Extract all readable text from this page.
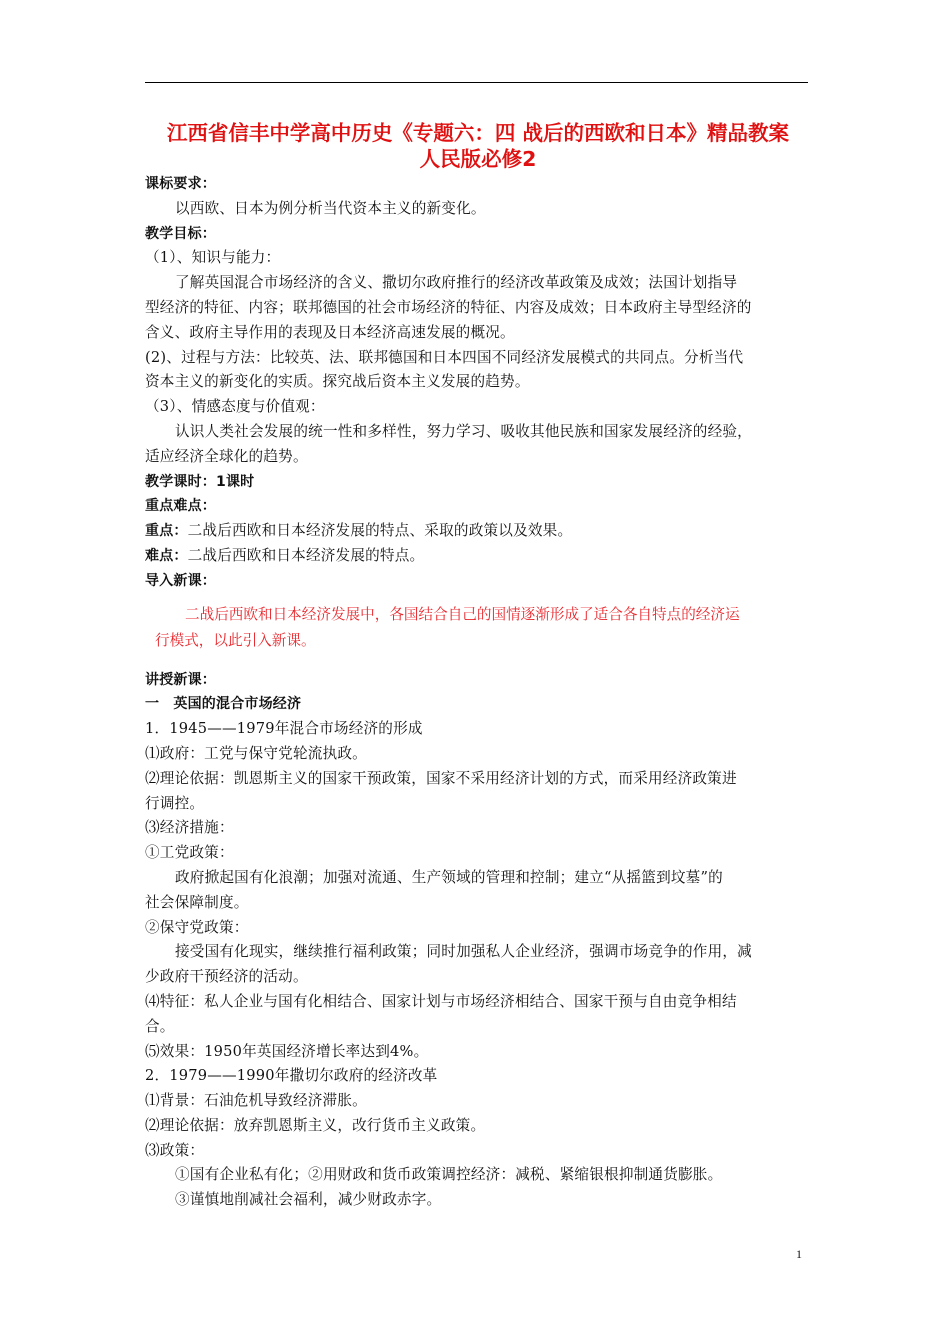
江西省信丰中学高中历史《专题六：四 战后的西欧和日本》精品教案
人民版必修2
课标要求：
以西欧、日本为例分析当代资本主义的新变化。
教学目标：
（1）、知识与能力：
了解英国混合市场经济的含义、撒切尔政府推行的经济改革政策及成效；法国计划指导
型经济的特征、内容；联邦德国的社会市场经济的特征、内容及成效；日本政府主导型经济的
含义、政府主导作用的表现及日本经济高速发展的概况。
(2)、过程与方法：比较英、法、联邦德国和日本四国不同经济发展模式的共同点。分析当代
资本主义的新变化的实质。探究战后资本主义发展的趋势。
（3）、情感态度与价值观：
认识人类社会发展的统一性和多样性，努力学习、吸收其他民族和国家发展经济的经验，
适应经济全球化的趋势。
教学课时：1课时
重点难点：
重点：二战后西欧和日本经济发展的特点、采取的政策以及效果。
难点：二战后西欧和日本经济发展的特点。
导入新课：
二战后西欧和日本经济发展中，各国结合自己的国情逐渐形成了适合各自特点的经济运
行模式，以此引入新课。
讲授新课：
一　英国的混合市场经济
1．1945——1979年混合市场经济的形成
⑴政府：工党与保守党轮流执政。
⑵理论依据：凯恩斯主义的国家干预政策，国家不采用经济计划的方式，而采用经济政策进
行调控。
⑶经济措施：
①工党政策：
政府掀起国有化浪潮；加强对流通、生产领域的管理和控制；建立“从摇篮到坟墓”的
社会保障制度。
②保守党政策：
接受国有化现实，继续推行福利政策；同时加强私人企业经济，强调市场竞争的作用，减
少政府干预经济的活动。
⑷特征：私人企业与国有化相结合、国家计划与市场经济相结合、国家干预与自由竞争相结
合。
⑸效果：1950年英国经济增长率达到4%。
2．1979——1990年撒切尔政府的经济改革
⑴背景：石油危机导致经济滞胀。
⑵理论依据：放弃凯恩斯主义，改行货币主义政策。
⑶政策：
①国有企业私有化；②用财政和货币政策调控经济：减税、紧缩银根抑制通货膨胀。
③谨慎地削减社会福利，减少财政赤字。
1
